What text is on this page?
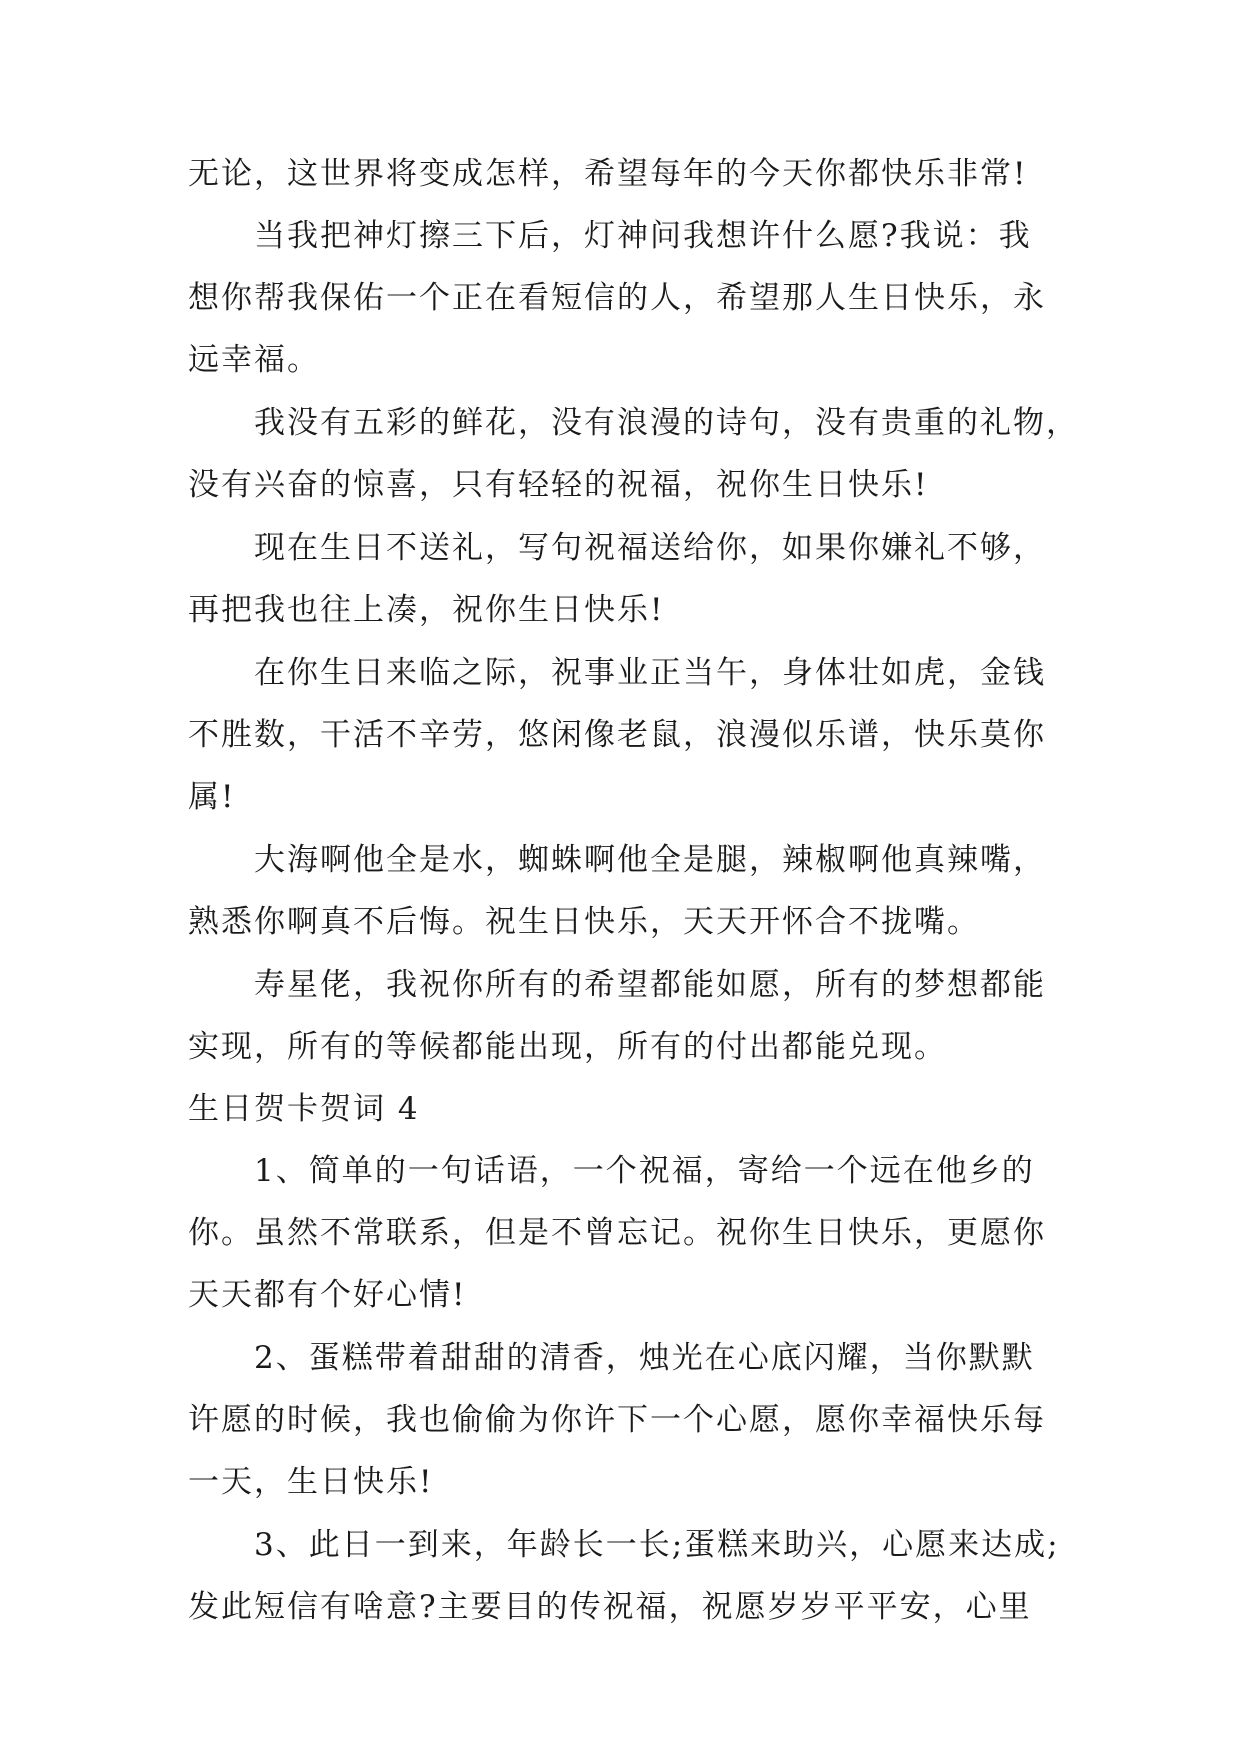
无论，这世界将变成怎样，希望每年的今天你都快乐非常!

当我把神灯擦三下后，灯神问我想许什么愿?我说：我

想你帮我保佑一个正在看短信的人，希望那人生日快乐，永

远幸福。

我没有五彩的鲜花，没有浪漫的诗句，没有贵重的礼物，

没有兴奋的惊喜，只有轻轻的祝福，祝你生日快乐!

现在生日不送礼，写句祝福送给你，如果你嫌礼不够，

再把我也往上凑，祝你生日快乐!

在你生日来临之际，祝事业正当午，身体壮如虎，金钱

不胜数，干活不辛劳，悠闲像老鼠，浪漫似乐谱，快乐莫你

属!

大海啊他全是水，蜘蛛啊他全是腿，辣椒啊他真辣嘴，

熟悉你啊真不后悔。祝生日快乐，天天开怀合不拢嘴。

寿星佬，我祝你所有的希望都能如愿，所有的梦想都能

实现，所有的等候都能出现，所有的付出都能兑现。

生日贺卡贺词 4

1、简单的一句话语，一个祝福，寄给一个远在他乡的

你。虽然不常联系，但是不曾忘记。祝你生日快乐，更愿你

天天都有个好心情!

2、蛋糕带着甜甜的清香，烛光在心底闪耀，当你默默

许愿的时候，我也偷偷为你许下一个心愿，愿你幸福快乐每

一天，生日快乐!

3、此日一到来，年龄长一长;蛋糕来助兴，心愿来达成;

发此短信有啥意?主要目的传祝福，祝愿岁岁平平安，心里
